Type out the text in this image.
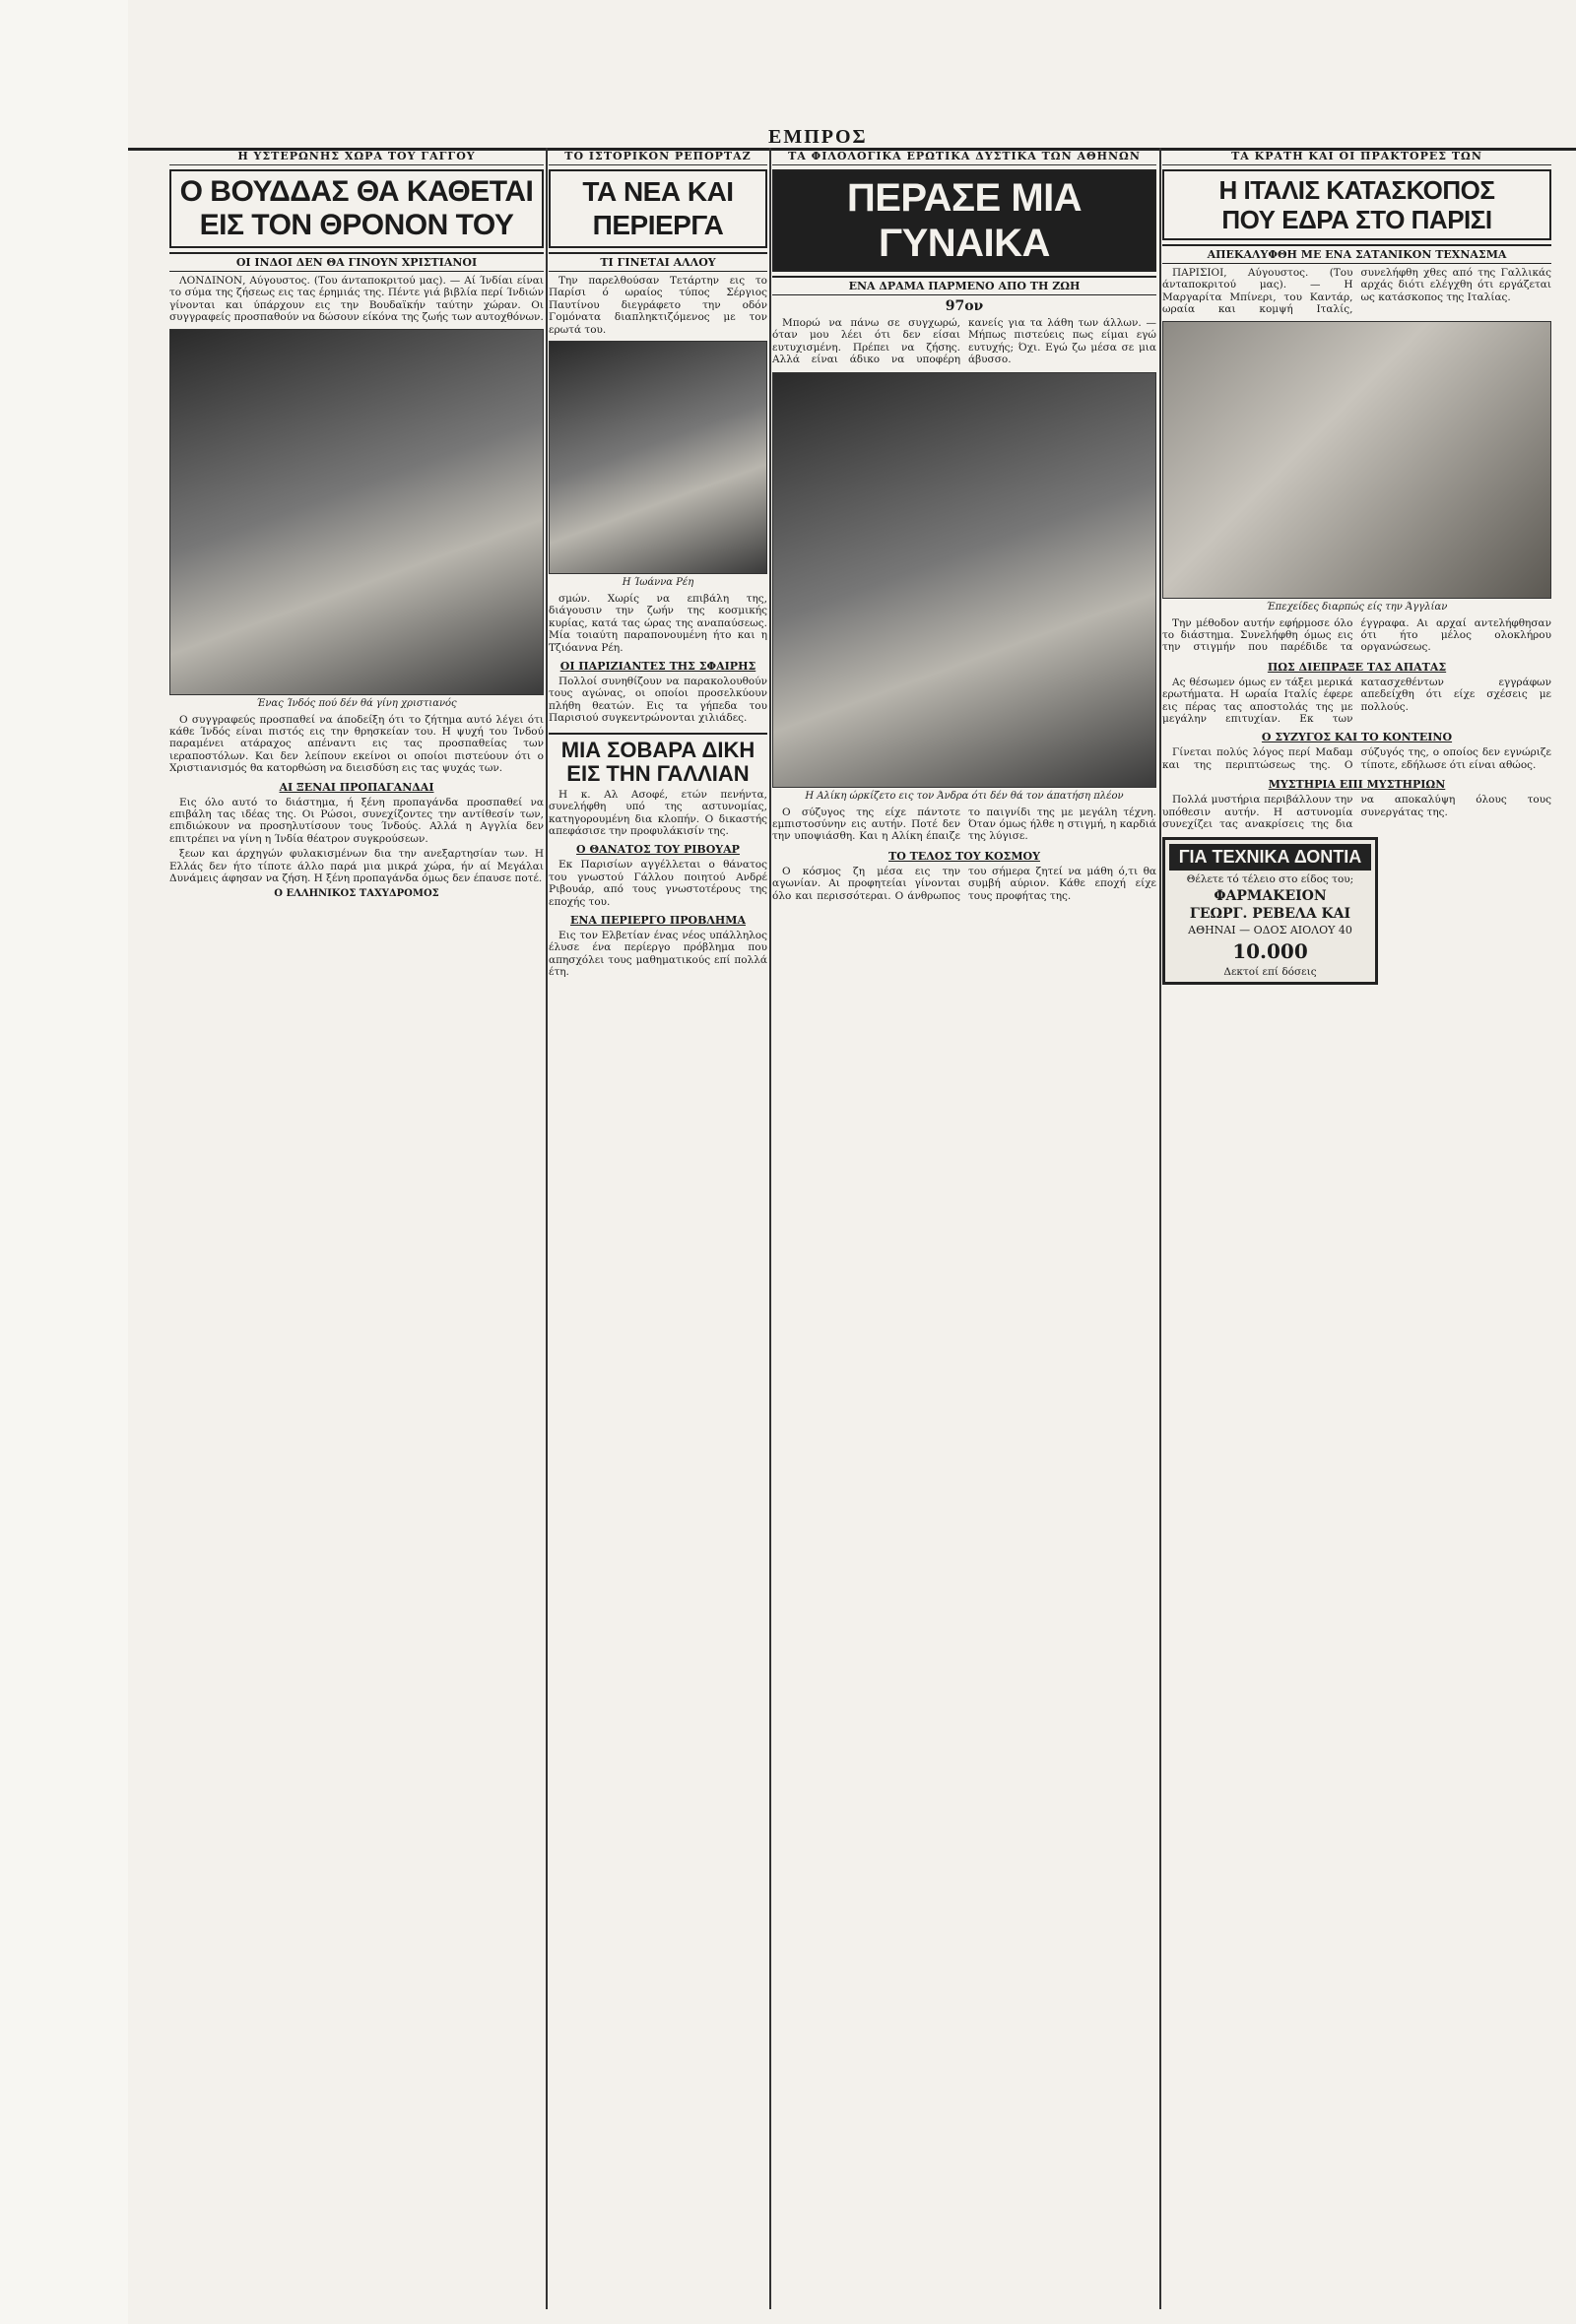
ΕΜΠΡΟΣ
Η ΥΣΤΕΡΩΝΗΣ ΧΩΡΑ ΤΟΥ ΓΑΓΓΟΥ
Ο ΒΟΥΔΔΑΣ ΘΑ ΚΑΘΕΤΑΙ
ΕΙΣ ΤΟΝ ΘΡΟΝΟΝ ΤΟΥ
ΟΙ ΙΝΔΟΙ ΔΕΝ ΘΑ ΓΙΝΟΥΝ ΧΡΙΣΤΙΑΝΟΙ

ΛΟΝΔΙΝΟΝ, Αύγουστος. (Του άνταποκριτού μας). — Αί Ίνδίαι είναι το σύμα της ζήσεως εις τας έρημιάς της. Πέντε γιά βιβλία περί Ίνδιών γίνονται και ύπάρχουν εις την Βουδαϊκήν ταύτην χώραν. Οι συγγραφείς προσπαθούν να δώσουν είκόνα της ζωής των αυτοχθόνων.

Ένας Ίνδός πού δέν θά γίνη χριστιανός

Ο συγγραφεύς προσπαθεί να άποδείξη ότι το ζήτημα αυτό λέγει ότι κάθε Ίνδός είναι πιστός εις την θρησκείαν του. Η ψυχή του Ίνδού παραμένει ατάραχος απέναντι εις τας προσπαθείας των ιεραποστόλων. Και δεν λείπουν εκείνοι οι οποίοι πιστεύουν ότι ο Χριστιανισμός θα κατορθώση να διεισδύση εις τας ψυχάς των.

ΑΙ ΞΕΝΑΙ ΠΡΟΠΑΓΑΝΔΑΙ

Εις όλο αυτό το διάστημα, ή ξένη προπαγάνδα προσπαθεί να επιβάλη τας ιδέας της. Οι Ρώσοι, συνεχίζοντες την αντίθεσίν των, επιδιώκουν να προσηλυτίσουν τους Ίνδούς. Αλλά η Αγγλία δεν επιτρέπει να γίνη η Ίνδία θέατρον συγκρούσεων.

ξεων και άρχηγών φυλακισμένων δια την ανεξαρτησίαν των. Η Ελλάς δεν ήτο τίποτε άλλο παρά μια μικρά χώρα, ήν αί Μεγάλαι Δυνάμεις άφησαν να ζήση. Η ξένη προπαγάνδα όμως δεν έπαυσε ποτέ.

Ο ΕΛΛΗΝΙΚΟΣ ΤΑΧΥΔΡΟΜΟΣ
ΤΟ ΙΣΤΟΡΙΚΟΝ ΡΕΠΟΡΤΑΖ
ΤΑ ΝΕΑ ΚΑΙ
ΠΕΡΙΕΡΓΑ
ΤΙ ΓΙΝΕΤΑΙ ΑΛΛΟΥ

Την παρελθούσαν Τετάρτην εις το Παρίσι ό ωραίος τύπος Σέργιος Παυτίνου διεγράφετο την οδόν Γομόνατα διαπληκτιζόμενος με τον ερωτά του.

Η Ίωάννα Ρέη

σμών. Χωρίς να επιβάλη της, διάγουσιν την ζωήν της κοσμικής κυρίας, κατά τας ώρας της αναπαύσεως. Μία τοιαύτη παραπονουμένη ήτο και η Τζιόαννα Ρέη.

ΟΙ ΠΑΡΙΖΙΑΝΤΕΣ ΤΗΣ ΣΦΑΙΡΗΣ

Πολλοί συνηθίζουν να παρακολουθούν τους αγώνας, οι οποίοι προσελκύουν πλήθη θεατών. Εις τα γήπεδα του Παρισιού συγκεντρώνονται χιλιάδες.

ΜΙΑ ΣΟΒΑΡΑ ΔΙΚΗ ΕΙΣ ΤΗΝ ΓΑΛΛΙΑΝ

Η κ. Αλ Ασοφέ, ετών πενήντα, συνελήφθη υπό της αστυνομίας, κατηγορουμένη δια κλοπήν. Ο δικαστής απεφάσισε την προφυλάκισίν της.

Ο ΘΑΝΑΤΟΣ ΤΟΥ ΡΙΒΟΥΑΡ

Εκ Παρισίων αγγέλλεται ο θάνατος του γνωστού Γάλλου ποιητού Ανδρέ Ριβουάρ, από τους γνωστοτέρους της εποχής του.

ΕΝΑ ΠΕΡΙΕΡΓΟ ΠΡΟΒΛΗΜΑ

Εις τον Ελβετίαν ένας νέος υπάλληλος έλυσε ένα περίεργο πρόβλημα που απησχόλει τους μαθηματικούς επί πολλά έτη.

ΤΑ ΦΙΛΟΛΟΓΙΚΑ ΕΡΩΤΙΚΑ ΔΥΣΤΙΚΑ ΤΩΝ ΑΘΗΝΩΝ
ΠΕΡΑΣΕ ΜΙΑ ΓΥΝΑΙΚΑ
ΕΝΑ ΔΡΑΜΑ ΠΑΡΜΕΝΟ ΑΠΟ ΤΗ ΖΩΗ
97ον

Μπορώ να πάνω σε συγχωρώ, όταν μου λέει ότι δεν είσαι ευτυχισμένη. Πρέπει να ζήσης. Αλλά είναι άδικο να υποφέρη κανείς για τα λάθη των άλλων. — Μήπως πιστεύεις πως είμαι εγώ ευτυχής; Όχι. Εγώ ζω μέσα σε μια άβυσσο.

Η Αλίκη ώρκίζετο εις τον Άνδρα ότι δέν θά τον άπατήση πλέον

Ο σύζυγος της είχε πάντοτε εμπιστοσύνην εις αυτήν. Ποτέ δεν την υποψιάσθη. Και η Αλίκη έπαιζε το παιγνίδι της με μεγάλη τέχνη. Όταν όμως ήλθε η στιγμή, η καρδιά της λύγισε.

ΤΟ ΤΕΛΟΣ ΤΟΥ ΚΟΣΜΟΥ

Ο κόσμος ζη μέσα εις την αγωνίαν. Αι προφητείαι γίνονται όλο και περισσότεραι. Ο άνθρωπος του σήμερα ζητεί να μάθη ό,τι θα συμβή αύριον. Κάθε εποχή είχε τους προφήτας της.

ΤΑ ΚΡΑΤΗ ΚΑΙ ΟΙ ΠΡΑΚΤΟΡΕΣ ΤΩΝ
Η ΙΤΑΛΙΣ ΚΑΤΑΣΚΟΠΟΣ
ΠΟΥ ΕΔΡΑ ΣΤΟ ΠΑΡΙΣΙ
ΑΠΕΚΑΛΥΦΘΗ ΜΕ ΕΝΑ ΣΑΤΑΝΙΚΟΝ ΤΕΧΝΑΣΜΑ

ΠΑΡΙΣΙΟΙ, Αύγουστος. (Του άνταποκριτού μας). — Η Μαργαρίτα Μπίνερι, του Καντάρ, ωραία και κομψή Ιταλίς, συνελήφθη χθες από της Γαλλικάς αρχάς διότι ελέγχθη ότι εργάζεται ως κατάσκοπος της Ιταλίας.

Έπεχείδες διαρπώς είς την Άγγλίαν

Την μέθοδον αυτήν εφήρμοσε όλο το διάστημα. Συνελήφθη όμως εις την στιγμήν που παρέδιδε τα έγγραφα. Αι αρχαί αντελήφθησαν ότι ήτο μέλος ολοκλήρου οργανώσεως.

ΠΩΣ ΔΙΕΠΡΑΞΕ ΤΑΣ ΑΠΑΤΑΣ

Ας θέσωμεν όμως εν τάξει μερικά ερωτήματα. Η ωραία Ιταλίς έφερε εις πέρας τας αποστολάς της με μεγάλην επιτυχίαν. Εκ των κατασχεθέντων εγγράφων απεδείχθη ότι είχε σχέσεις με πολλούς.

Ο ΣΥΖΥΓΟΣ ΚΑΙ ΤΟ ΚΟΝΤΕΙΝΟ

Γίνεται πολύς λόγος περί Μαδαμ και της περιπτώσεως της. Ο σύζυγός της, ο οποίος δεν εγνώριζε τίποτε, εδήλωσε ότι είναι αθώος.

ΜΥΣΤΗΡΙΑ ΕΠΙ ΜΥΣΤΗΡΙΩΝ

Πολλά μυστήρια περιβάλλουν την υπόθεσιν αυτήν. Η αστυνομία συνεχίζει τας ανακρίσεις της δια να αποκαλύψη όλους τους συνεργάτας της.

ΓΙΑ ΤΕΧΝΙΚΑ ΔΟΝΤΙΑ
Θέλετε τό τέλειο στο είδος του;
ΦΑΡΜΑΚΕΙΟΝ
ΓΕΩΡΓ. ΡΕΒΕΛΑ ΚΑΙ
ΑΘΗΝΑΙ — ΟΔΟΣ ΑΙΟΛΟΥ 40
10.000
Δεκτοί επί δόσεις
